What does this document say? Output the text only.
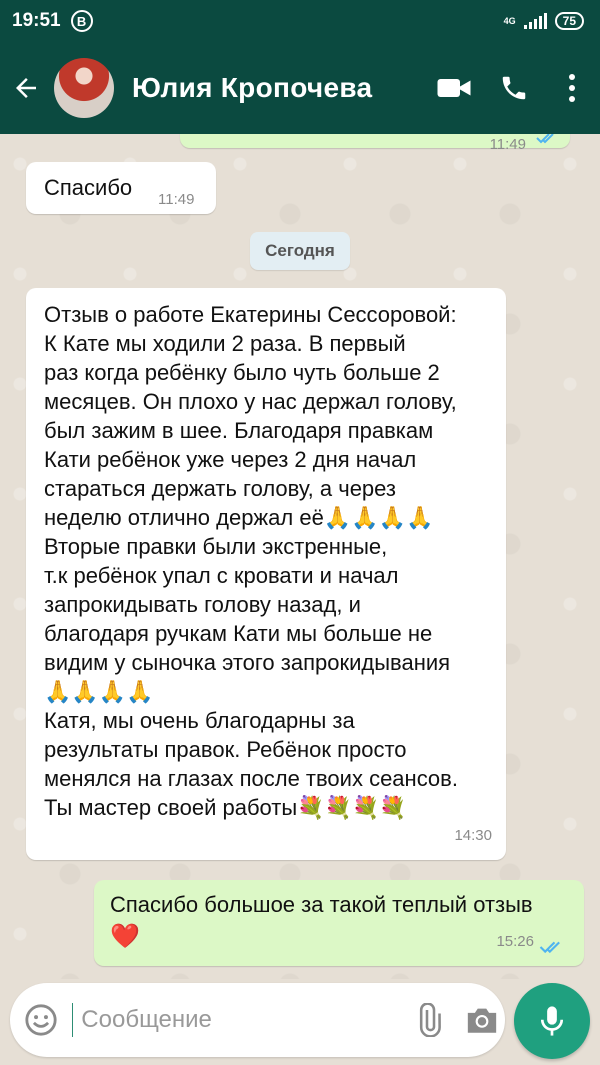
19:51	B	4G	75
Юлия Кропочева
11:49
Спасибо 11:49
Сегодня
Отзыв о работе Екатерины Сессоровой:
К Кате мы ходили 2 раза. В первый
раз когда ребёнку было чуть больше 2
месяцев. Он плохо у нас держал голову,
был зажим в шее. Благодаря правкам
Кати ребёнок уже через 2 дня начал
стараться держать голову, а через
неделю отлично держал её🙏🙏🙏🙏
Вторые правки были экстренные,
т.к ребёнок упал с кровати и начал
запрокидывать голову назад, и
благодаря ручкам Кати мы больше не
видим у сыночка этого запрокидывания
🙏🙏🙏🙏
Катя, мы очень благодарны за
результаты правок. Ребёнок просто
менялся на глазах после твоих сеансов.
Ты мастер своей работы💐💐💐💐
14:30
Спасибо большое за такой теплый отзыв
❤️	15:26
Сообщение
